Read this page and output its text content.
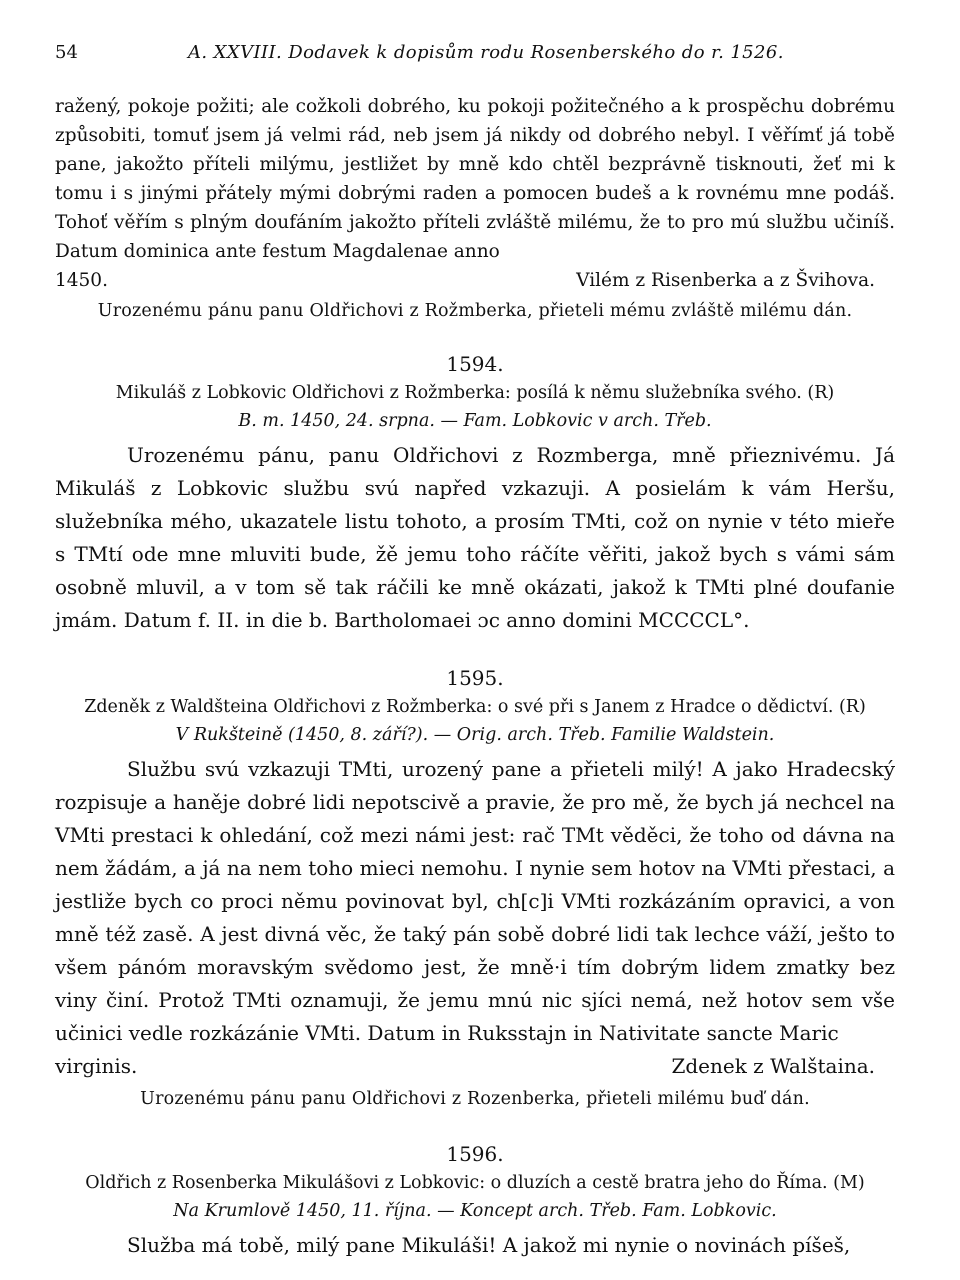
54	A. XXVIII. Dodavek k dopisům rodu Rosenberského do r. 1526.

ražený, pokoje požiti; ale cožkoli dobrého, ku pokoji požitečného a k prospěchu dobrému způsobiti, tomuť jsem já velmi rád, neb jsem já nikdy od dobrého nebyl. I věřímť já tobě pane, jakožto příteli milýmu, jestližet by mně kdo chtěl bezprávně tisknouti, žeť mi k tomu i s jinými přátely mými dobrými raden a pomocen budeš a k rovnému mne podáš. Tohoť věřím s plným doufáním jakožto příteli zvláště milému, že to pro mú službu učiníš. Datum dominica ante festum Magdalenae anno

1450.	Vilém z Risenberka a z Švihova.

Urozenému pánu panu Oldřichovi z Rožmberka, přieteli mému zvláště milému dán.

1594.

Mikuláš z Lobkovic Oldřichovi z Rožmberka: posílá k němu služebníka svého. (R)

B. m. 1450, 24. srpna. — Fam. Lobkovic v arch. Třeb.

Urozenému pánu, panu Oldřichovi z Rozmberga, mně přieznivému. Já Mikuláš z Lobkovic službu svú napřed vzkazuji. A posielám k vám Heršu, služebníka mého, ukazatele listu tohoto, a prosím TMti, což on nynie v této mieře s TMtí ode mne mluviti bude, žě jemu toho ráčíte věřiti, jakož bych s vámi sám osobně mluvil, a v tom sě tak ráčili ke mně okázati, jakož k TMti plné doufanie jmám. Datum f. II. in die b. Bartholomaei ɔc anno domini MCCCCL°.

1595.

Zdeněk z Waldšteina Oldřichovi z Rožmberka: o své při s Janem z Hradce o dědictví. (R)

V Rukšteině (1450, 8. září?). — Orig. arch. Třeb. Familie Waldstein.

Službu svú vzkazuji TMti, urozený pane a přieteli milý! A jako Hradecský rozpisuje a haněje dobré lidi nepotscivě a pravie, že pro mě, že bych já nechcel na VMti prestaci k ohledání, což mezi námi jest: rač TMt věděci, že toho od dávna na nem žádám, a já na nem toho mieci nemohu. I nynie sem hotov na VMti přestaci, a jestliže bych co proci němu povinovat byl, ch[c]i VMti rozkázáním opravici, a von mně též zasě. A jest divná věc, že taký pán sobě dobré lidi tak lechce váží, ješto to všem pánóm moravským svědomo jest, že mně·i tím dobrým lidem zmatky bez viny činí. Protož TMti oznamuji, že jemu mnú nic sjíci nemá, než hotov sem vše učinici vedle rozkázánie VMti. Datum in Ruksstajn in Nativitate sancte Maric

virginis.	Zdenek z Walštaina.

Urozenému pánu panu Oldřichovi z Rozenberka, přieteli milému buď dán.

1596.

Oldřich z Rosenberka Mikulášovi z Lobkovic: o dluzích a cestě bratra jeho do Říma. (M)

Na Krumlově 1450, 11. října. — Koncept arch. Třeb. Fam. Lobkovic.

Služba má tobě, milý pane Mikuláši! A jakož mi nynie o novinách píšeš,
